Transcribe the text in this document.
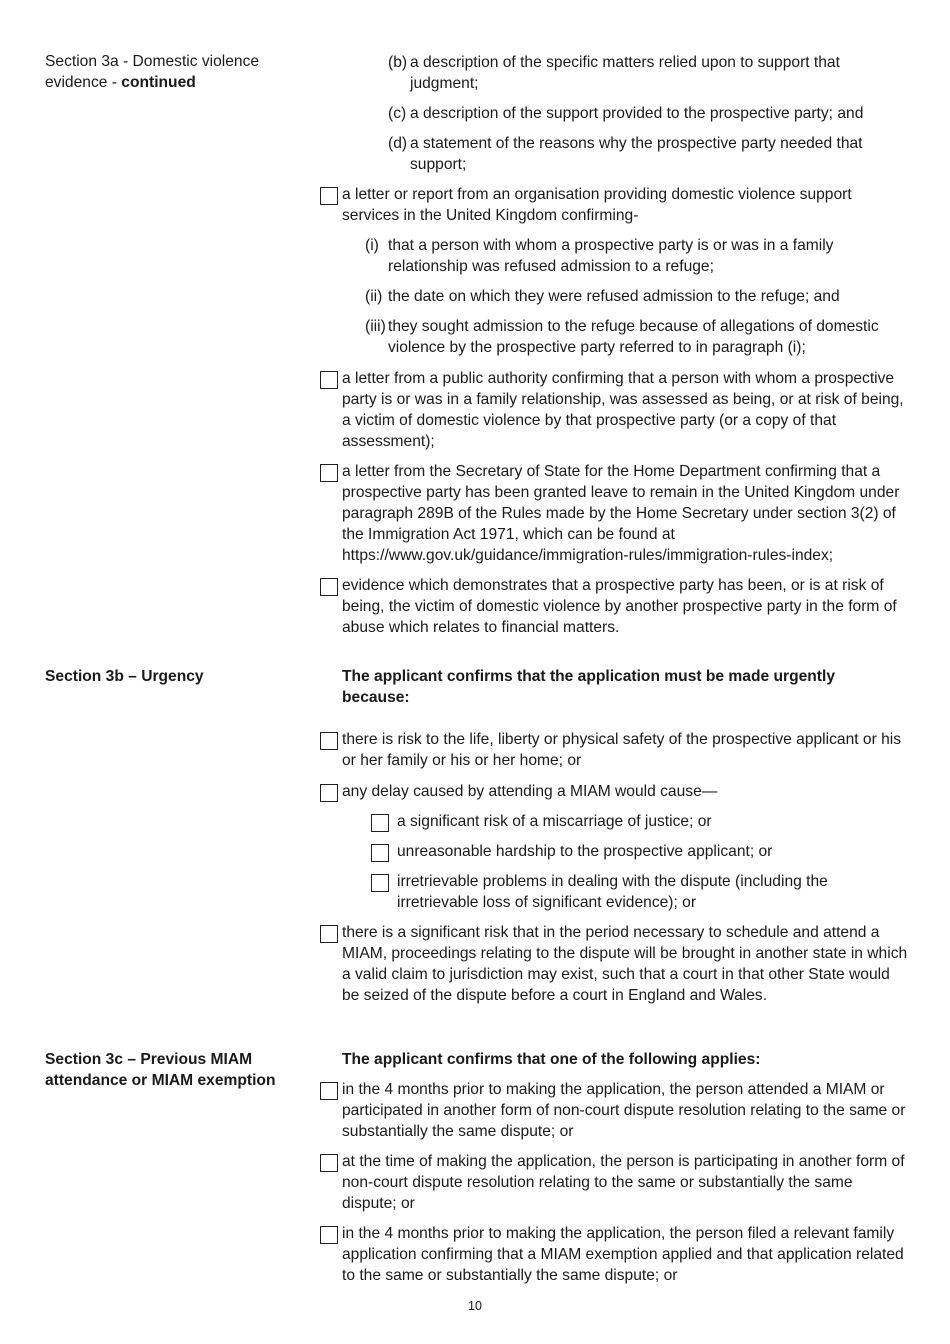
Section 3a - Domestic violence evidence - continued
(b) a description of the specific matters relied upon to support that judgment;
(c) a description of the support provided to the prospective party; and
(d) a statement of the reasons why the prospective party needed that support;
a letter or report from an organisation providing domestic violence support services in the United Kingdom confirming-
(i) that a person with whom a prospective party is or was in a family relationship was refused admission to a refuge;
(ii) the date on which they were refused admission to the refuge; and
(iii) they sought admission to the refuge because of allegations of domestic violence by the prospective party referred to in paragraph (i);
a letter from a public authority confirming that a person with whom a prospective party is or was in a family relationship, was assessed as being, or at risk of being, a victim of domestic violence by that prospective party (or a copy of that assessment);
a letter from the Secretary of State for the Home Department confirming that a prospective party has been granted leave to remain in the United Kingdom under paragraph 289B of the Rules made by the Home Secretary under section 3(2) of the Immigration Act 1971, which can be found at https://www.gov.uk/guidance/immigration-rules/immigration-rules-index;
evidence which demonstrates that a prospective party has been, or is at risk of being, the victim of domestic violence by another prospective party in the form of abuse which relates to financial matters.
Section 3b – Urgency	The applicant confirms that the application must be made urgently because:
there is risk to the life, liberty or physical safety of the prospective applicant or his or her family or his or her home; or
any delay caused by attending a MIAM would cause—
a significant risk of a miscarriage of justice; or
unreasonable hardship to the prospective applicant; or
irretrievable problems in dealing with the dispute (including the irretrievable loss of significant evidence); or
there is a significant risk that in the period necessary to schedule and attend a MIAM, proceedings relating to the dispute will be brought in another state in which a valid claim to jurisdiction may exist, such that a court in that other State would be seized of the dispute before a court in England and Wales.
Section 3c – Previous MIAM attendance or MIAM exemption
The applicant confirms that one of the following applies:
in the 4 months prior to making the application, the person attended a MIAM or participated in another form of non-court dispute resolution relating to the same or substantially the same dispute; or
at the time of making the application, the person is participating in another form of non-court dispute resolution relating to the same or substantially the same dispute; or
in the 4 months prior to making the application, the person filed a relevant family application confirming that a MIAM exemption applied and that application related to the same or substantially the same dispute; or
10
